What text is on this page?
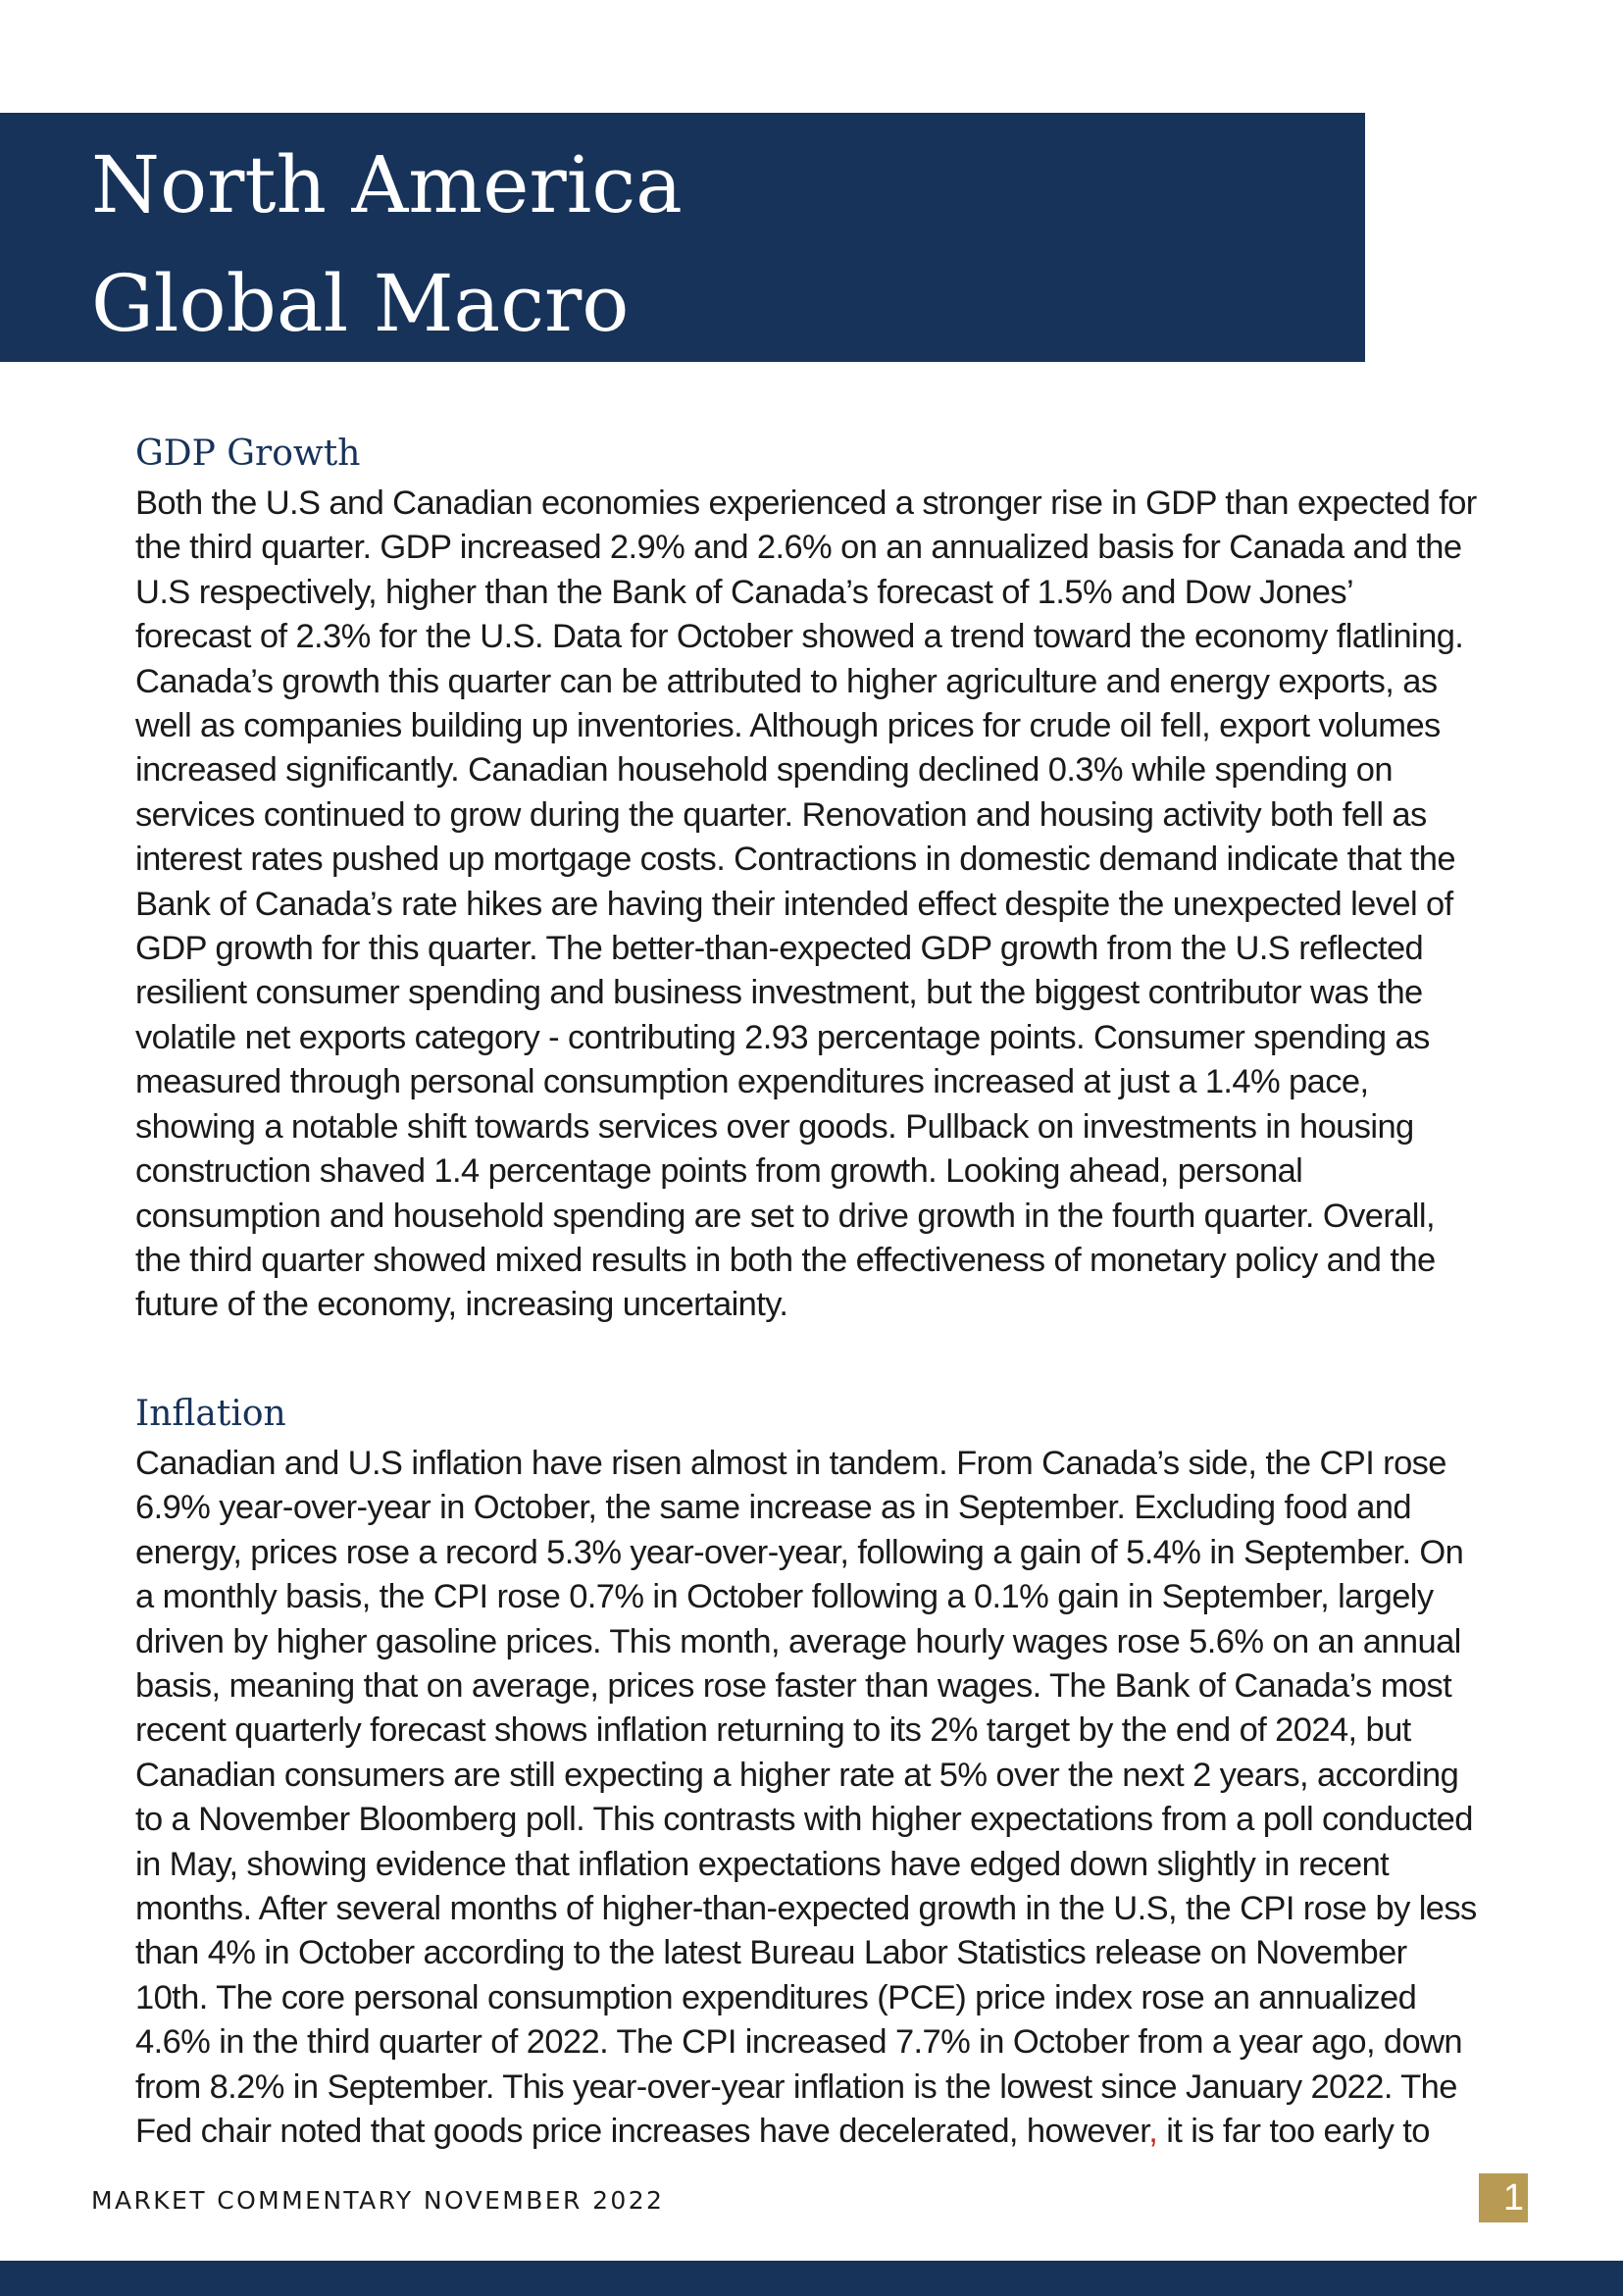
North America
Global Macro
GDP Growth

Both the U.S and Canadian economies experienced a stronger rise in GDP than expected for
the third quarter. GDP increased 2.9% and 2.6% on an annualized basis for Canada and the
U.S respectively, higher than the Bank of Canada’s forecast of 1.5% and Dow Jones’
forecast of 2.3% for the U.S. Data for October showed a trend toward the economy flatlining.
Canada’s growth this quarter can be attributed to higher agriculture and energy exports, as
well as companies building up inventories. Although prices for crude oil fell, export volumes
increased significantly. Canadian household spending declined 0.3% while spending on
services continued to grow during the quarter. Renovation and housing activity both fell as
interest rates pushed up mortgage costs. Contractions in domestic demand indicate that the
Bank of Canada’s rate hikes are having their intended effect despite the unexpected level of
GDP growth for this quarter. The better-than-expected GDP growth from the U.S reflected
resilient consumer spending and business investment, but the biggest contributor was the
volatile net exports category - contributing 2.93 percentage points. Consumer spending as
measured through personal consumption expenditures increased at just a 1.4% pace,
showing a notable shift towards services over goods. Pullback on investments in housing
construction shaved 1.4 percentage points from growth. Looking ahead, personal
consumption and household spending are set to drive growth in the fourth quarter. Overall,
the third quarter showed mixed results in both the effectiveness of monetary policy and the
future of the economy, increasing uncertainty.

Inflation

Canadian and U.S inflation have risen almost in tandem. From Canada’s side, the CPI rose
6.9% year-over-year in October, the same increase as in September. Excluding food and
energy, prices rose a record 5.3% year-over-year, following a gain of 5.4% in September. On
a monthly basis, the CPI rose 0.7% in October following a 0.1% gain in September, largely
driven by higher gasoline prices. This month, average hourly wages rose 5.6% on an annual
basis, meaning that on average, prices rose faster than wages. The Bank of Canada’s most
recent quarterly forecast shows inflation returning to its 2% target by the end of 2024, but
Canadian consumers are still expecting a higher rate at 5% over the next 2 years, according
to a November Bloomberg poll. This contrasts with higher expectations from a poll conducted
in May, showing evidence that inflation expectations have edged down slightly in recent
months. After several months of higher-than-expected growth in the U.S, the CPI rose by less
than 4% in October according to the latest Bureau Labor Statistics release on November
10th. The core personal consumption expenditures (PCE) price index rose an annualized
4.6% in the third quarter of 2022. The CPI increased 7.7% in October from a year ago, down
from 8.2% in September. This year-over-year inflation is the lowest since January 2022. The
Fed chair noted that goods price increases have decelerated, however, it is far too early to

MARKET COMMENTARY NOVEMBER 2022	1
